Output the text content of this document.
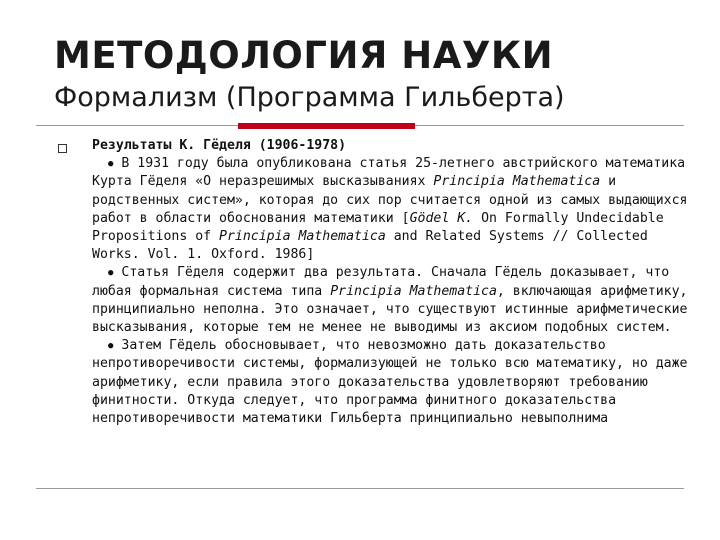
МЕТОДОЛОГИЯ НАУКИ
Формализм (Программа Гильберта)

Результаты К. Гёделя (1906-1978)

● В 1931 году была опубликована статья 25-летнего австрийского математика Курта Гёделя «О неразрешимых высказываниях Principia Mathematica и родственных систем», которая до сих пор считается одной из самых выдающихся работ в области обоснования математики [Gödel K. On Formally Undecidable Propositions of Principia Mathematica and Related Systems // Collected Works. Vol. 1. Oxford. 1986]

● Статья Гёделя содержит два результата. Сначала Гёдель доказывает, что любая формальная система типа Principia Mathematica, включающая арифметику, принципиально неполна. Это означает, что существуют истинные арифметические высказывания, которые тем не менее не выводимы из аксиом подобных систем.

● Затем Гёдель обосновывает, что невозможно дать доказательство непротиворечивости системы, формализующей не только всю математику, но даже арифметику, если правила этого доказательства удовлетворяют требованию финитности. Откуда следует, что программа финитного доказательства непротиворечивости математики Гильберта принципиально невыполнима
